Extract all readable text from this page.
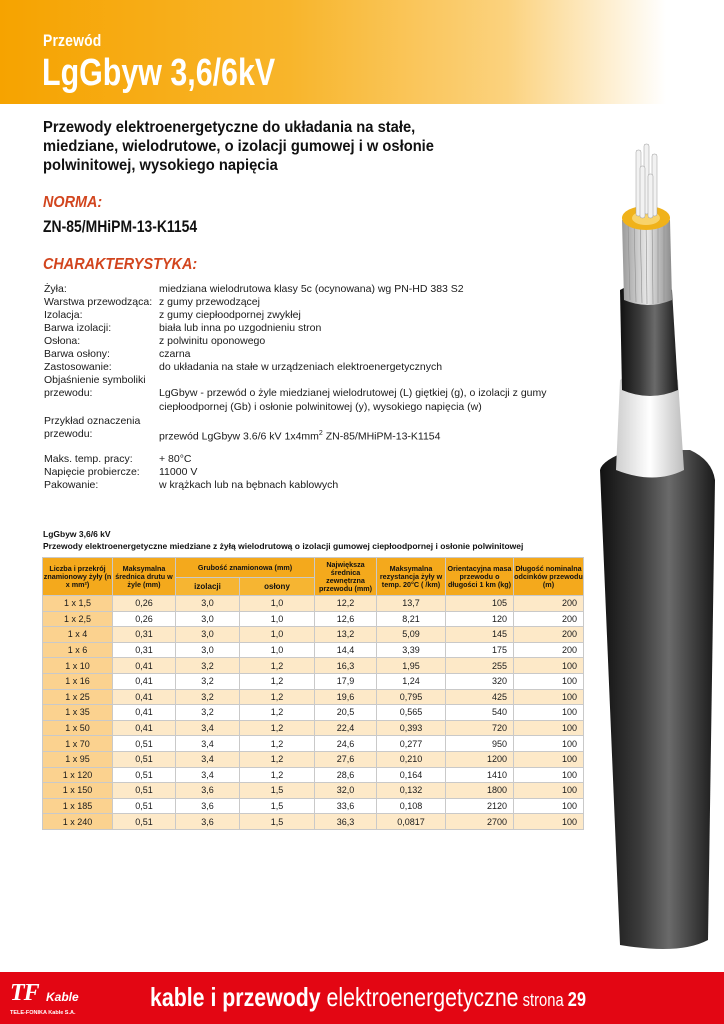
Przewód
LgGbyw 3,6/6kV
Przewody elektroenergetyczne do układania na stałe, miedziane, wielodrutowe, o izolacji gumowej i w osłonie polwinitowej, wysokiego napięcia
NORMA:
ZN-85/MHiPM-13-K1154
CHARAKTERYSTYKA:
Żyła:	miedziana wielodrutowa klasy 5c (ocynowana) wg PN-HD 383 S2
Warstwa przewodząca: z gumy przewodzącej
Izolacja:	z gumy ciepłoodpornej zwykłej
Barwa izolacji:	biała lub inna po uzgodnieniu stron
Osłona:	z polwinitu oponowego
Barwa osłony:	czarna
Zastosowanie:	do układania na stałe w urządzeniach elektroenergetycznych
Objaśnienie symboliki
przewodu:	LgGbyw - przewód o żyle miedzianej wielodrutowej (L) giętkiej (g), o izolacji z gumy
ciepłoodpornej (Gb) i osłonie polwinitowej (y), wysokiego napięcia (w)
Przykład oznaczenia
przewodu:	przewód LgGbyw 3.6/6 kV $1x4mm^2$ ZN-85/MHiPM-13-K1154
Maks. temp. pracy:	+ 80°C
Napięcie probiercze: 11000 V
Pakowanie:	w krążkach lub na bębnach kablowych
LgGbyw 3,6/6 kV
Przewody elektroenergetyczne miedziane z żyłą wielodrutową o izolacji gumowej ciepłoodpornej i osłonie polwinitowej
Liczba i przekrój znamionowy żyły (n x mm²)	Maksymalna średnica drutu w żyle (mm)	Grubość znamionowa (mm)		Największa średnica zewnętrzna przewodu (mm)	Maksymalna rezystancja żyły w temp. 20°C ( /km)	Orientacyjna masa przewodu o długości 1 km (kg)	Długość nominalna odcinków przewodu (m)
		izolacji	osłony				
1 x 1,5	0,26	3,0	1,0	12,2	13,7	105	200
1 x 2,5	0,26	3,0	1,0	12,6	8,21	120	200
1 x 4	0,31	3,0	1,0	13,2	5,09	145	200
1 x 6	0,31	3,0	1,0	14,4	3,39	175	200
1 x 10	0,41	3,2	1,2	16,3	1,95	255	100
1 x 16	0,41	3,2	1,2	17,9	1,24	320	100
1 x 25	0,41	3,2	1,2	19,6	0,795	425	100
1 x 35	0,41	3,2	1,2	20,5	0,565	540	100
1 x 50	0,41	3,4	1,2	22,4	0,393	720	100
1 x 70	0,51	3,4	1,2	24,6	0,277	950	100
1 x 95	0,51	3,4	1,2	27,6	0,210	1200	100
1 x 120	0,51	3,4	1,2	28,6	0,164	1410	100
1 x 150	0,51	3,6	1,5	32,0	0,132	1800	100
1 x 185	0,51	3,6	1,5	33,6	0,108	2120	100
1 x 240	0,51	3,6	1,5	36,3	0,0817	2700	100
TF Kable
TELE-FONIKA Kable S.A.
kable i przewody elektroenergetyczne strona 29
